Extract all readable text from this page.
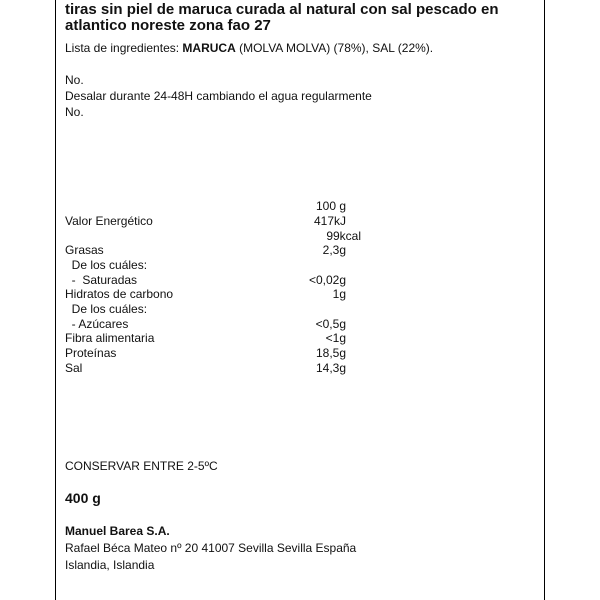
tiras sin piel de maruca curada al natural con sal pescado en atlantico noreste zona fao 27
Lista de ingredientes: MARUCA (MOLVA MOLVA) (78%), SAL (22%).
No.
Desalar durante 24-48H cambiando el agua regularmente
No.
100 g
Valor Energético	417kJ
99kcal
Grasas	2,3g
De los cuáles:
-  Saturadas	<0,02g
Hidratos de carbono	1g
De los cuáles:
- Azúcares	<0,5g
Fibra alimentaria	<1g
Proteínas	18,5g
Sal	14,3g
CONSERVAR ENTRE 2-5ºC
400 g
Manuel Barea S.A.
Rafael Béca Mateo nº 20 41007 Sevilla Sevilla España
Islandia, Islandia
